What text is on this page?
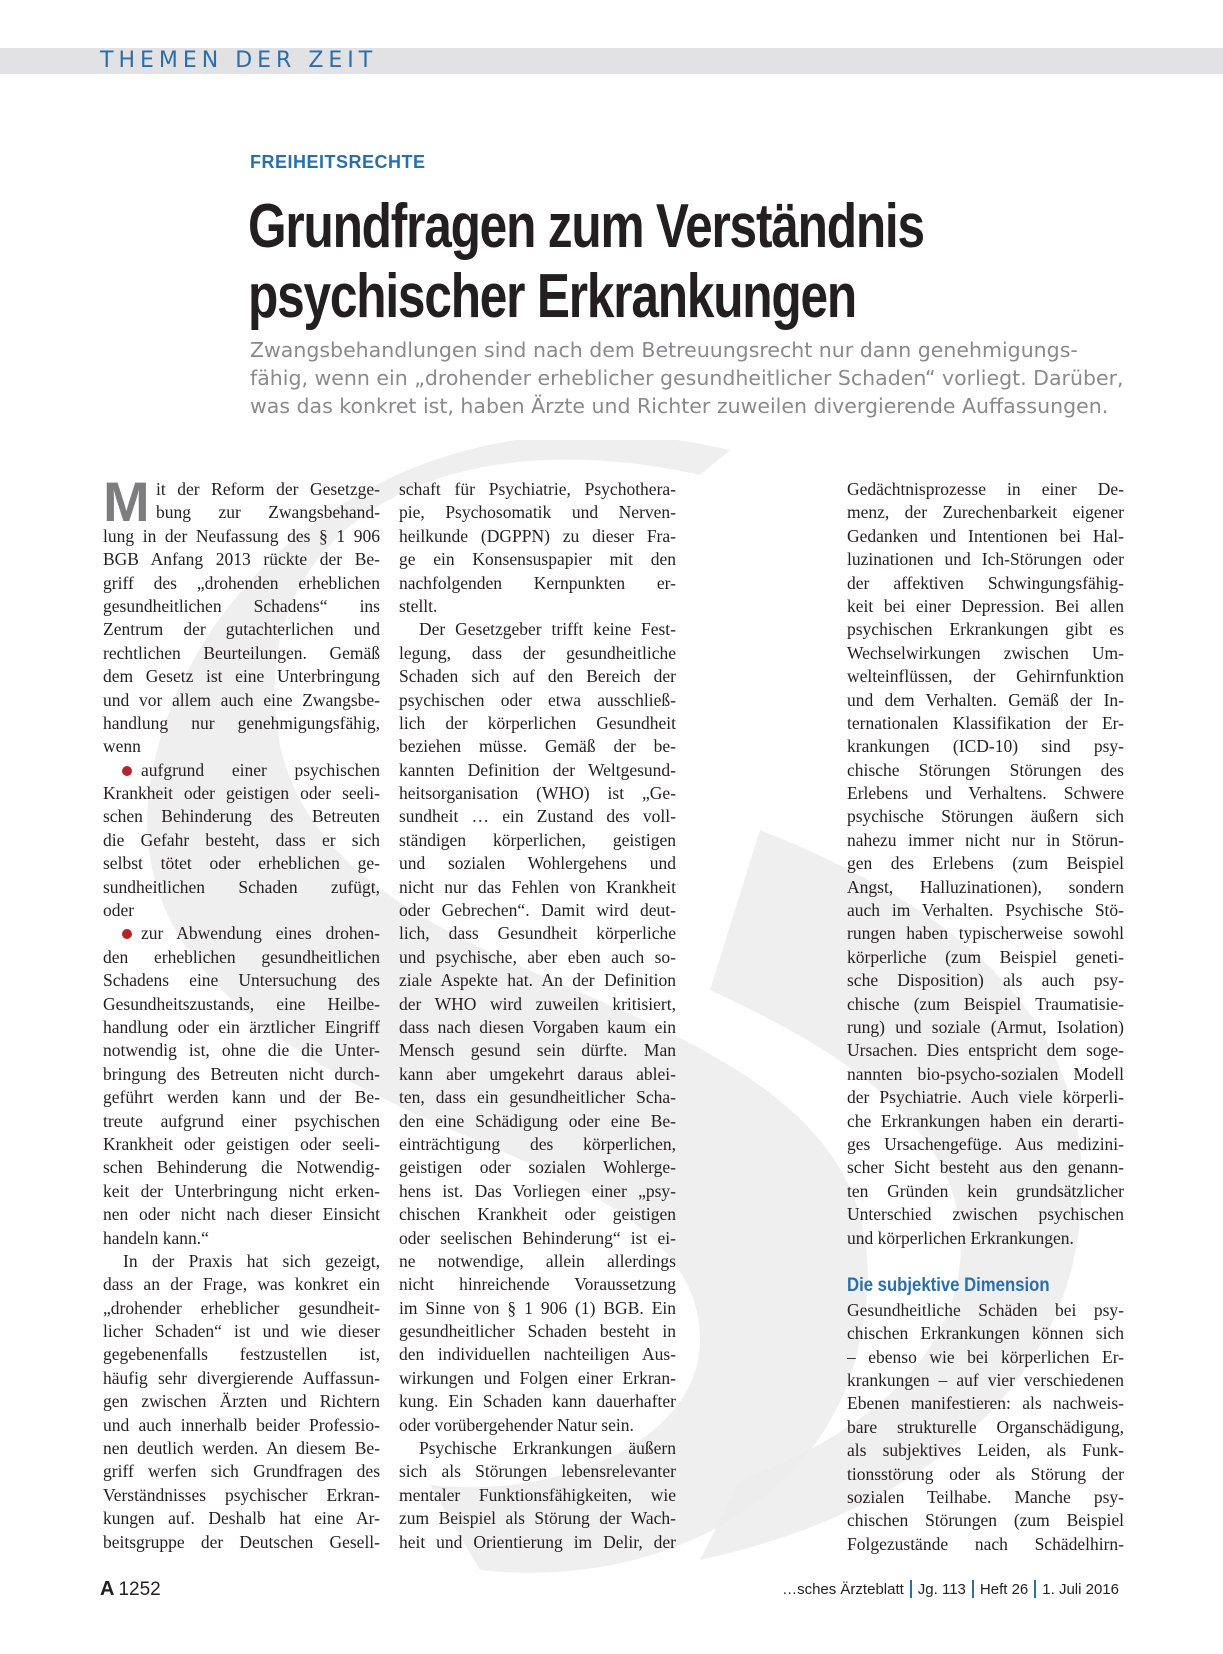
THEMEN DER ZEIT
FREIHEITSRECHTE
Grundfragen zum Verständnis
psychischer Erkrankungen
Zwangsbehandlungen sind nach dem Betreuungsrecht nur dann genehmigungs-
fähig, wenn ein „drohender erheblicher gesundheitlicher Schaden“ vorliegt. Darüber,
was das konkret ist, haben Ärzte und Richter zuweilen divergierende Auffassungen.
M it der Reform der Gesetzge-
bung zur Zwangsbehand-
lung in der Neufassung des § 1 906
BGB Anfang 2013 rückte der Be-
griff des „drohenden erheblichen
gesundheitlichen Schadens“ ins
Zentrum der gutachterlichen und
rechtlichen Beurteilungen. Gemäß
dem Gesetz ist eine Unterbringung
und vor allem auch eine Zwangsbe-
handlung nur genehmigungsfähig,
wenn
aufgrund einer psychischen
Krankheit oder geistigen oder seeli-
schen Behinderung des Betreuten
die Gefahr besteht, dass er sich
selbst tötet oder erheblichen ge-
sundheitlichen Schaden zufügt,
oder
zur Abwendung eines drohen-
den erheblichen gesundheitlichen
Schadens eine Untersuchung des
Gesundheitszustands, eine Heilbe-
handlung oder ein ärztlicher Eingriff
notwendig ist, ohne die die Unter-
bringung des Betreuten nicht durch-
geführt werden kann und der Be-
treute aufgrund einer psychischen
Krankheit oder geistigen oder seeli-
schen Behinderung die Notwendig-
keit der Unterbringung nicht erken-
nen oder nicht nach dieser Einsicht
handeln kann.“
In der Praxis hat sich gezeigt,
dass an der Frage, was konkret ein
„drohender erheblicher gesundheit-
licher Schaden“ ist und wie dieser
gegebenenfalls festzustellen ist,
häufig sehr divergierende Auffassun-
gen zwischen Ärzten und Richtern
und auch innerhalb beider Professio-
nen deutlich werden. An diesem Be-
griff werfen sich Grundfragen des
Verständnisses psychischer Erkran-
kungen auf. Deshalb hat eine Ar-
beitsgruppe der Deutschen Gesell-
schaft für Psychiatrie, Psychothera-
pie, Psychosomatik und Nerven-
heilkunde (DGPPN) zu dieser Fra-
ge ein Konsensuspapier mit den
nachfolgenden Kernpunkten er-
stellt.
Der Gesetzgeber trifft keine Fest-
legung, dass der gesundheitliche
Schaden sich auf den Bereich der
psychischen oder etwa ausschließ-
lich der körperlichen Gesundheit
beziehen müsse. Gemäß der be-
kannten Definition der Weltgesund-
heitsorganisation (WHO) ist „Ge-
sundheit … ein Zustand des voll-
ständigen körperlichen, geistigen
und sozialen Wohlergehens und
nicht nur das Fehlen von Krankheit
oder Gebrechen“. Damit wird deut-
lich, dass Gesundheit körperliche
und psychische, aber eben auch so-
ziale Aspekte hat. An der Definition
der WHO wird zuweilen kritisiert,
dass nach diesen Vorgaben kaum ein
Mensch gesund sein dürfte. Man
kann aber umgekehrt daraus ablei-
ten, dass ein gesundheitlicher Scha-
den eine Schädigung oder eine Be-
einträchtigung des körperlichen,
geistigen oder sozialen Wohlerge-
hens ist. Das Vorliegen einer „psy-
chischen Krankheit oder geistigen
oder seelischen Behinderung“ ist ei-
ne notwendige, allein allerdings
nicht hinreichende Voraussetzung
im Sinne von § 1 906 (1) BGB. Ein
gesundheitlicher Schaden besteht in
den individuellen nachteiligen Aus-
wirkungen und Folgen einer Erkran-
kung. Ein Schaden kann dauerhafter
oder vorübergehender Natur sein.
Psychische Erkrankungen äußern
sich als Störungen lebensrelevanter
mentaler Funktionsfähigkeiten, wie
zum Beispiel als Störung der Wach-
heit und Orientierung im Delir, der
Gedächtnisprozesse in einer De-
menz, der Zurechenbarkeit eigener
Gedanken und Intentionen bei Hal-
luzinationen und Ich-Störungen oder
der affektiven Schwingungsfähig-
keit bei einer Depression. Bei allen
psychischen Erkrankungen gibt es
Wechselwirkungen zwischen Um-
welteinflüssen, der Gehirnfunktion
und dem Verhalten. Gemäß der In-
ternationalen Klassifikation der Er-
krankungen (ICD-10) sind psy-
chische Störungen Störungen des
Erlebens und Verhaltens. Schwere
psychische Störungen äußern sich
nahezu immer nicht nur in Störun-
gen des Erlebens (zum Beispiel
Angst, Halluzinationen), sondern
auch im Verhalten. Psychische Stö-
rungen haben typischerweise sowohl
körperliche (zum Beispiel geneti-
sche Disposition) als auch psy-
chische (zum Beispiel Traumatisie-
rung) und soziale (Armut, Isolation)
Ursachen. Dies entspricht dem soge-
nannten bio-psycho-sozialen Modell
der Psychiatrie. Auch viele körperli-
che Erkrankungen haben ein derarti-
ges Ursachengefüge. Aus medizini-
scher Sicht besteht aus den genann-
ten Gründen kein grundsätzlicher
Unterschied zwischen psychischen
und körperlichen Erkrankungen.
Die subjektive Dimension
Gesundheitliche Schäden bei psy-
chischen Erkrankungen können sich
– ebenso wie bei körperlichen Er-
krankungen – auf vier verschiedenen
Ebenen manifestieren: als nachweis-
bare strukturelle Organschädigung,
als subjektives Leiden, als Funk-
tionsstörung oder als Störung der
sozialen Teilhabe. Manche psy-
chischen Störungen (zum Beispiel
Folgezustände nach Schädelhirn-
A 1252	…sches Ärzteblatt Jg. 113 Heft 26 1. Juli 2016
